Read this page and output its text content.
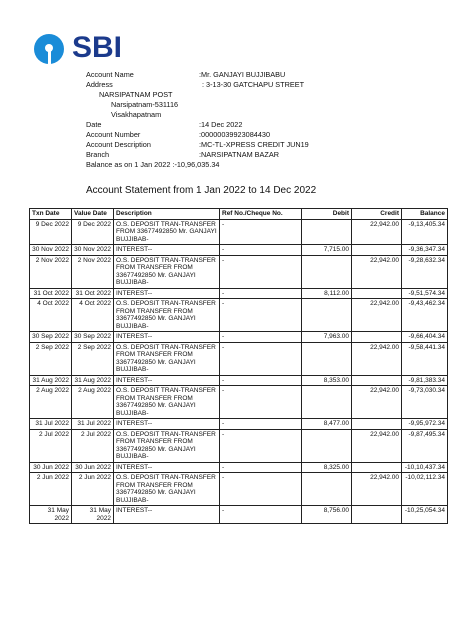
SBI
Account Name	:Mr. GANJAYI BUJJIBABU
Address	: 3-13-30 GATCHAPU STREET
NARSIPATNAM POST
Narsipatnam-531116
Visakhapatnam
Date	:14 Dec 2022
Account Number	:00000039923084430
Account Description	:MC-TL-XPRESS CREDIT JUN19
Branch	:NARSIPATNAM BAZAR
Balance as on 1 Jan 2022 :-10,96,035.34
Account Statement from 1 Jan 2022 to 14 Dec 2022
Txn Date	Value Date	Description	Ref No./Cheque No.	Debit	Credit	Balance
9 Dec 2022	9 Dec 2022	O.S. DEPOSIT TRAN-TRANSFER FROM 33677492850 Mr. GANJAYI BUJJIBAB-	-		22,942.00	-9,13,405.34
30 Nov 2022	30 Nov 2022	INTEREST--	-	7,715.00		-9,36,347.34
2 Nov 2022	2 Nov 2022	O.S. DEPOSIT TRAN-TRANSFER FROM TRANSFER FROM 33677492850 Mr. GANJAYI BUJJIBAB-	-		22,942.00	-9,28,632.34
31 Oct 2022	31 Oct 2022	INTEREST--	-	8,112.00		-9,51,574.34
4 Oct 2022	4 Oct 2022	O.S. DEPOSIT TRAN-TRANSFER FROM TRANSFER FROM 33677492850 Mr. GANJAYI BUJJIBAB-	-		22,942.00	-9,43,462.34
30 Sep 2022	30 Sep 2022	INTEREST--	-	7,963.00		-9,66,404.34
2 Sep 2022	2 Sep 2022	O.S. DEPOSIT TRAN-TRANSFER FROM TRANSFER FROM 33677492850 Mr. GANJAYI BUJJIBAB-	-		22,942.00	-9,58,441.34
31 Aug 2022	31 Aug 2022	INTEREST--	-	8,353.00		-9,81,383.34
2 Aug 2022	2 Aug 2022	O.S. DEPOSIT TRAN-TRANSFER FROM TRANSFER FROM 33677492850 Mr. GANJAYI BUJJIBAB-	-		22,942.00	-9,73,030.34
31 Jul 2022	31 Jul 2022	INTEREST--	-	8,477.00		-9,95,972.34
2 Jul 2022	2 Jul 2022	O.S. DEPOSIT TRAN-TRANSFER FROM TRANSFER FROM 33677492850 Mr. GANJAYI BUJJIBAB-	-		22,942.00	-9,87,495.34
30 Jun 2022	30 Jun 2022	INTEREST--	-	8,325.00		-10,10,437.34
2 Jun 2022	2 Jun 2022	O.S. DEPOSIT TRAN-TRANSFER FROM TRANSFER FROM 33677492850 Mr. GANJAYI BUJJIBAB-	-		22,942.00	-10,02,112.34
31 May 2022	31 May 2022	INTEREST--	-	8,756.00		-10,25,054.34
